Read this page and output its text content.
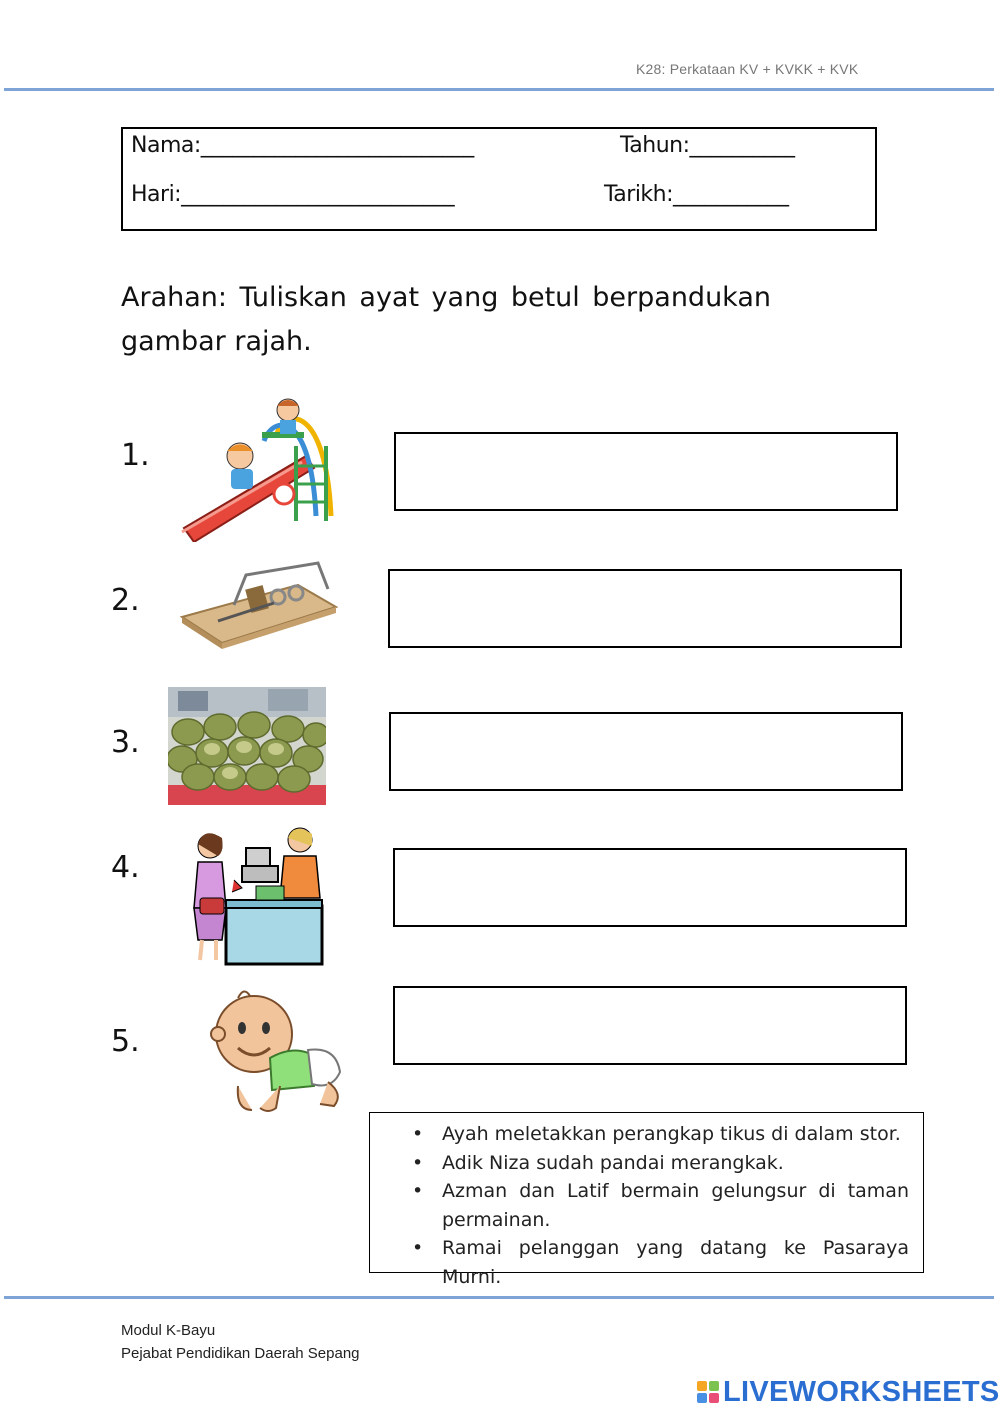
K28: Perkataan KV + KVKK + KVK
Nama:__________________________	Tahun:__________
Hari:__________________________	Tarikh:___________
Arahan: Tuliskan ayat yang betul berpandukan gambar rajah.
1.
2.
3.
4.
5.
• Ayah meletakkan perangkap tikus di dalam stor.
• Adik Niza sudah pandai merangkak.
• Azman dan Latif bermain gelungsur di taman permainan.
• Ramai pelanggan yang datang ke Pasaraya Murni.
Modul K-Bayu
Pejabat Pendidikan Daerah Sepang
LIVEWORKSHEETS
